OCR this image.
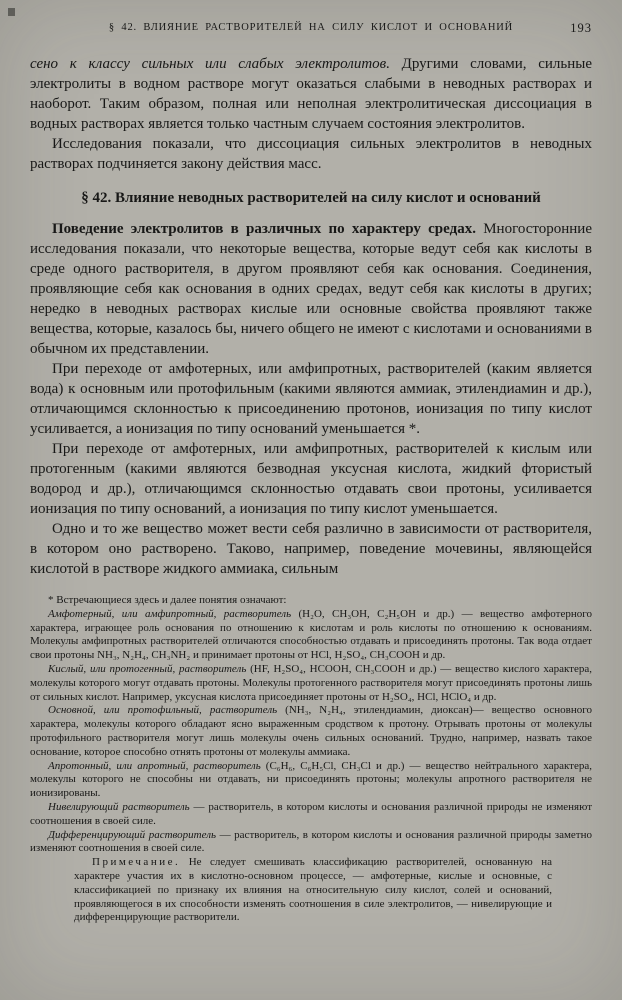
§ 42. ВЛИЯНИЕ РАСТВОРИТЕЛЕЙ НА СИЛУ КИСЛОТ И ОСНОВАНИЙ	193

сено к классу сильных или слабых электролитов. Другими словами, сильные электролиты в водном растворе могут оказаться слабыми в неводных растворах и наоборот. Таким образом, полная или неполная электролитическая диссоциация в водных растворах является только частным случаем состояния электролитов.

Исследования показали, что диссоциация сильных электролитов в неводных растворах подчиняется закону действия масс.

§ 42. Влияние неводных растворителей на силу кислот и оснований

Поведение электролитов в различных по характеру средах. Многосторонние исследования показали, что некоторые вещества, которые ведут себя как кислоты в среде одного растворителя, в другом проявляют себя как основания. Соединения, проявляющие себя как основания в одних средах, ведут себя как кислоты в других; нередко в неводных растворах кислые или основные свойства проявляют также вещества, которые, казалось бы, ничего общего не имеют с кислотами и основаниями в обычном их представлении.

При переходе от амфотерных, или амфипротных, растворителей (каким является вода) к основным или протофильным (какими являются аммиак, этилендиамин и др.), отличающимся склонностью к присоединению протонов, ионизация по типу кислот усиливается, а ионизация по типу оснований уменьшается *.

При переходе от амфотерных, или амфипротных, растворителей к кислым или протогенным (какими являются безводная уксусная кислота, жидкий фтористый водород и др.), отличающимся склонностью отдавать свои протоны, усиливается ионизация по типу оснований, а ионизация по типу кислот уменьшается.

Одно и то же вещество может вести себя различно в зависимости от растворителя, в котором оно растворено. Таково, например, поведение мочевины, являющейся кислотой в растворе жидкого аммиака, сильным

* Встречающиеся здесь и далее понятия означают:

Амфотерный, или амфипротный, растворитель (H₂O, CH₃OH, C₂H₅OH и др.) — вещество амфотерного характера, играющее роль основания по отношению к кислотам и роль кислоты по отношению к основаниям. Молекулы амфипротных растворителей отличаются способностью отдавать и присоединять протоны. Так вода отдает свои протоны NH₃, N₂H₄, CH₃NH₂ и принимает протоны от HCl, H₂SO₄, CH₃COOH и др.

Кислый, или протогенный, растворитель (HF, H₂SO₄, HCOOH, CH₃COOH и др.) — вещество кислого характера, молекулы которого могут отдавать протоны. Молекулы протогенного растворителя могут присоединять протоны лишь от сильных кислот. Например, уксусная кислота присоединяет протоны от H₂SO₄, HCl, HClO₄ и др.

Основной, или протофильный, растворитель (NH₃, N₂H₄, этилендиамин, диоксан)— вещество основного характера, молекулы которого обладают ясно выраженным сродством к протону. Отрывать протоны от молекулы протофильного растворителя могут лишь молекулы очень сильных оснований. Трудно, например, назвать такое основание, которое способно отнять протоны от молекулы аммиака.

Апротонный, или апротный, растворитель (C₆H₆, C₆H₅Cl, CH₃Cl и др.) — вещество нейтрального характера, молекулы которого не способны ни отдавать, ни присоединять протоны; молекулы апротного растворителя не ионизированы.

Нивелирующий растворитель — растворитель, в котором кислоты и основания различной природы не изменяют соотношения в своей силе.

Дифференцирующий растворитель — растворитель, в котором кислоты и основания различной природы заметно изменяют соотношения в своей силе.

Примечание. Не следует смешивать классификацию растворителей, основанную на характере участия их в кислотно-основном процессе, — амфотерные, кислые и основные, с классификацией по признаку их влияния на относительную силу кислот, солей и оснований, проявляющегося в их способности изменять соотношения в силе электролитов, — нивелирующие и дифференцирующие растворители.
